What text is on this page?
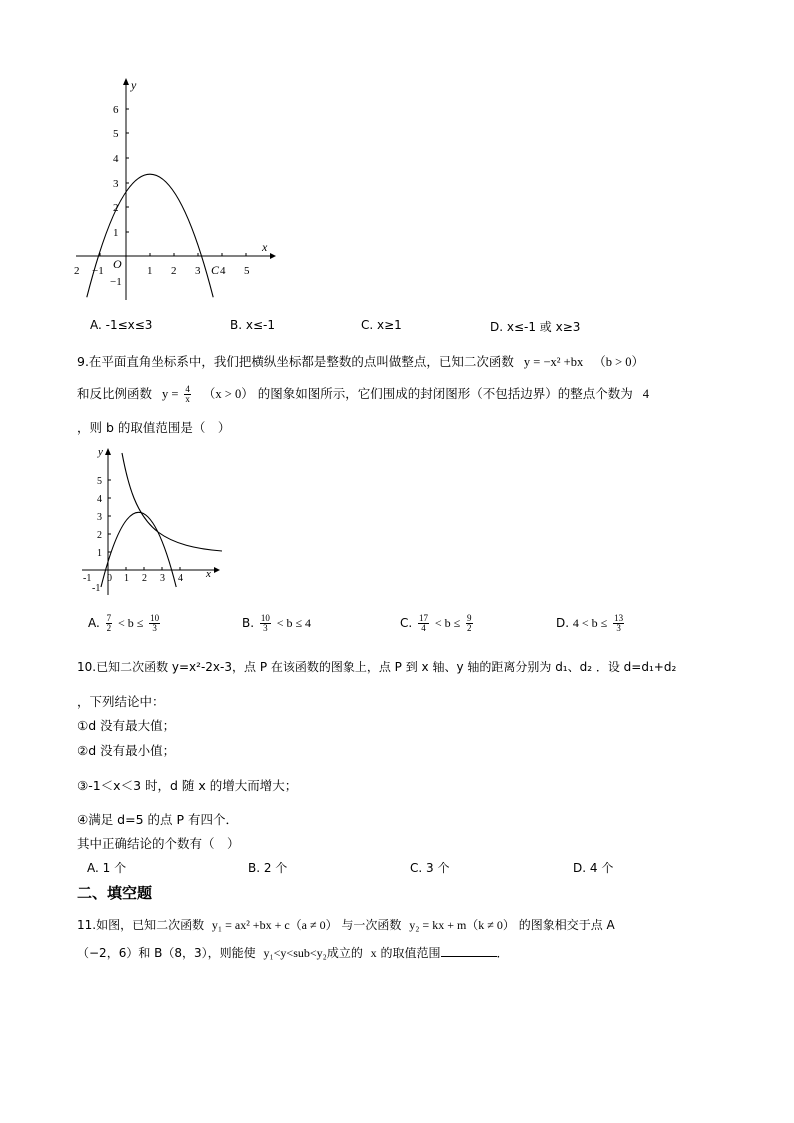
x
y
O	C
2 −1	1 2 3 4 5
6
5
4
3
2
1
−1
A. -1≤x≤3	B. x≤-1	C. x≥1	D. x≤-1 或 x≥3
9.在平面直角坐标系中，我们把横纵坐标都是整数的点叫做整点，已知二次函数 y = −x² +bx （b > 0）
和反比例函数 $y = \frac{4}{x} (x > 0)$ 的图象如图所示，它们围成的封闭图形（不包括边界）的整点个数为 4
，则 b 的取值范围是（　）
x
y
5
4
3
2
1
-1 0 1 2 3 4
-1
A. $\frac{7}{2} < b \le \frac{10}{3}$	B. $\frac{10}{3} < b \le 4$	C. $\frac{17}{4} < b \le \frac{9}{2}$	D. $4 < b \le \frac{13}{3}$
10.已知二次函数 y=x²-2x-3，点 P 在该函数的图象上，点 P 到 x 轴、y 轴的距离分别为 d₁、d₂ ．设 d=d₁+d₂
，下列结论中：
①d 没有最大值；
②d 没有最小值；
③-1＜x＜3 时，d 随 x 的增大而增大；
④满足 d=5 的点 P 有四个．
其中正确结论的个数有（　）
A. 1 个	B. 2 个	C. 3 个	D. 4 个
二、填空题
11.如图，已知二次函数 y₁ = ax² +bx + c（a ≠ 0） 与一次函数 y₂ = kx + m（k ≠ 0） 的图象相交于点 A
（−2，6）和 B（8，3），则能使 y₁<y<sub<y₂成立的 x 的取值范围	．
